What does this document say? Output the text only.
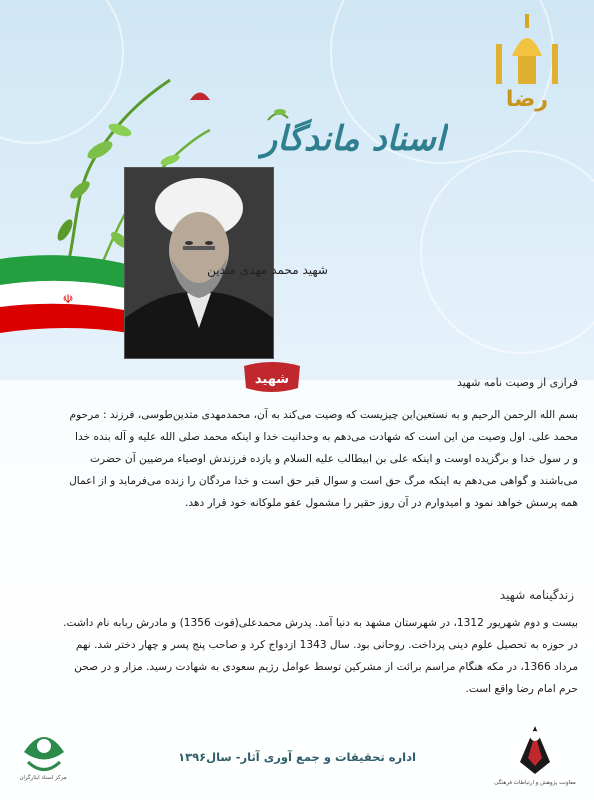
☫
رضا
اسناد ماندگار
شهید محمد مهدی متدین
شهید	فرازی از وصیت نامه شهید
بسم الله الرحمن الرحیم و به نستعین‌این چیزیست که وصیت می‌کند به آن، محمدمهدی متدین‌طوسی، فرزند : مرحوم
محمد علی. اول وصیت من این است که شهادت می‌دهم به وحدانیت خدا و اینکه محمد صلی الله علیه و آله بنده خدا
و ر سول خدا و برگزیده اوست و اینکه علی بن ابیطالب علیه السلام و یازده فرزندش اوصیاء مرضیین آن حضرت
می‌باشند و گواهی می‌دهم به اینکه مرگ حق است و سوال قبر حق است و خدا مردگان را زنده می‌فرماید و از اعمال
همه پرسش خواهد نمود و امیدوارم در آن روز حقیر را مشمول عفو ملوکانه خود قرار دهد.
زندگینامه شهید
بیست و دوم شهریور 1312، در شهرستان مشهد به دنیا آمد. پدرش محمدعلی(فوت 1356) و مادرش ربابه نام داشت.
در حوزه به تحصیل علوم دینی پرداخت. روحانی بود. سال 1343 ازدواج کرد و صاحب پنج پسر و چهار دختر شد. نهم
مرداد 1366، در مکه هنگام مراسم برائت از مشرکین توسط عوامل رژیم سعودی به شهادت رسید. مزار و در صحن
حرم امام رضا واقع است.
مرکز اسناد ایثارگران
معاونت پژوهش و ارتباطات فرهنگی
اداره تحقیقات و جمع آوری آثار- سال۱۳۹۶
